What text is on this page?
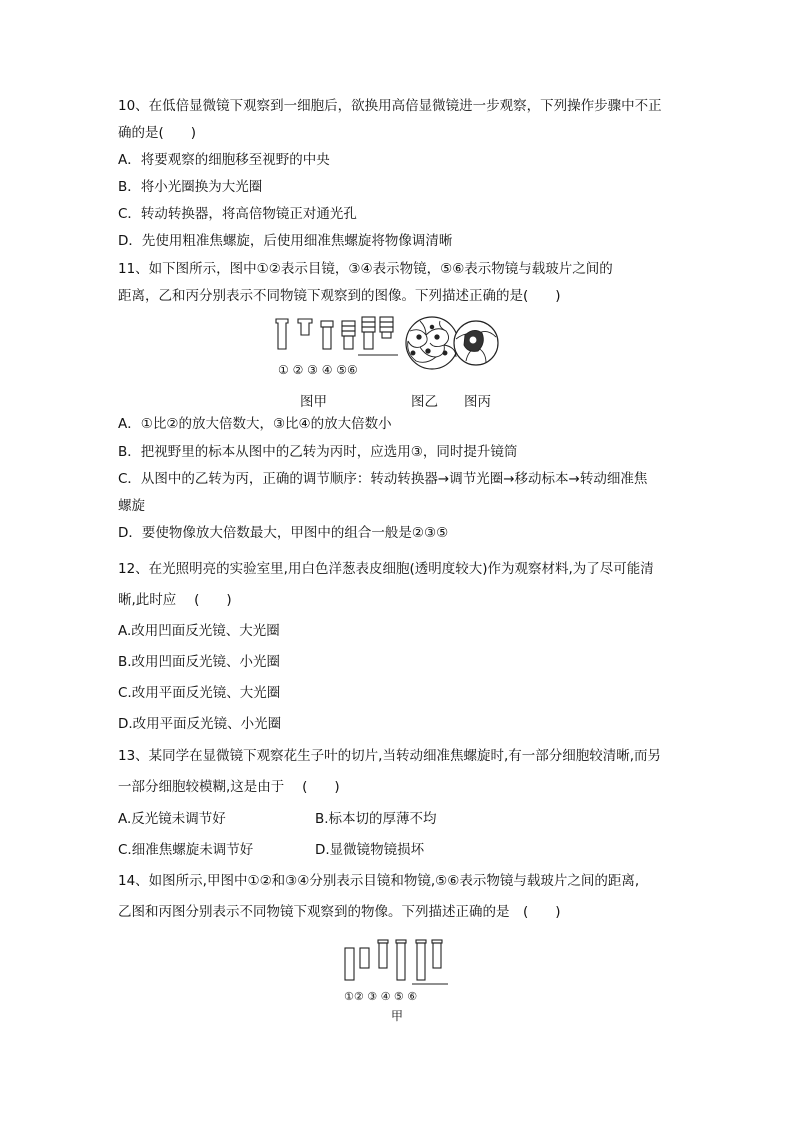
10、在低倍显微镜下观察到一细胞后，欲换用高倍显微镜进一步观察，下列操作步骤中不正
确的是(　　)
A．将要观察的细胞移至视野的中央
B．将小光圈换为大光圈
C．转动转换器，将高倍物镜正对通光孔
D．先使用粗准焦螺旋，后使用细准焦螺旋将物像调清晰
11、如下图所示，图中①②表示目镜，③④表示物镜，⑤⑥表示物镜与载玻片之间的
距离，乙和丙分别表示不同物镜下观察到的图像。下列描述正确的是(　　)
① ② ③ ④ ⑤⑥
图甲	图乙 图丙
A．①比②的放大倍数大，③比④的放大倍数小
B．把视野里的标本从图中的乙转为丙时，应选用③，同时提升镜筒
C．从图中的乙转为丙，正确的调节顺序：转动转换器→调节光圈→移动标本→转动细准焦
螺旋
D．要使物像放大倍数最大，甲图中的组合一般是②③⑤
12、在光照明亮的实验室里,用白色洋葱表皮细胞(透明度较大)作为观察材料,为了尽可能清
晰,此时应　 (　　)
A.改用凹面反光镜、大光圈
B.改用凹面反光镜、小光圈
C.改用平面反光镜、大光圈
D.改用平面反光镜、小光圈
13、某同学在显微镜下观察花生子叶的切片,当转动细准焦螺旋时,有一部分细胞较清晰,而另
一部分细胞较模糊,这是由于　 (　　)
A.反光镜未调节好	B.标本切的厚薄不均
C.细准焦螺旋未调节好	D.显微镜物镜损坏
14、如图所示,甲图中①②和③④分别表示目镜和物镜,⑤⑥表示物镜与载玻片之间的距离,
乙图和丙图分别表示不同物镜下观察到的物像。下列描述正确的是　(　　)
①② ③ ④ ⑤ ⑥
甲
